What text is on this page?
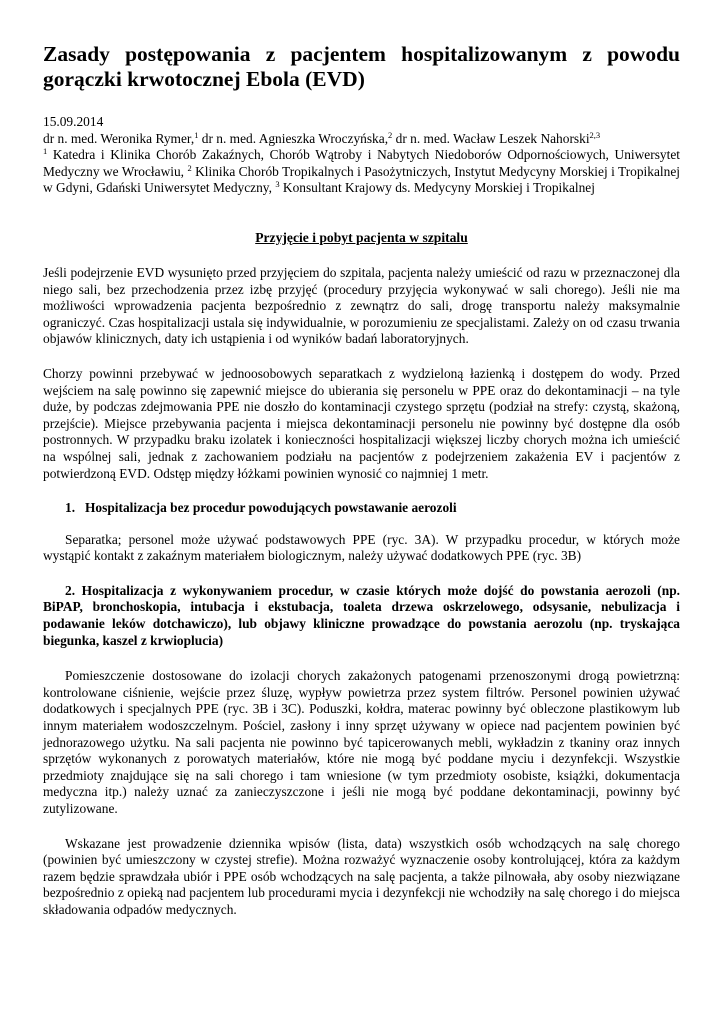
Zasady postępowania z pacjentem hospitalizowanym z powodu gorączki krwotocznej Ebola (EVD)

15.09.2014

dr n. med. Weronika Rymer,$^1$ dr n. med. Agnieszka Wroczyńska,$^2$ dr n. med. Wacław Leszek Nahorski$^{2,3}$

$^1$ Katedra i Klinika Chorób Zakaźnych, Chorób Wątroby i Nabytych Niedoborów Odpornościowych, Uniwersytet Medyczny we Wrocławiu, $^2$ Klinika Chorób Tropikalnych i Pasożytniczych, Instytut Medycyny Morskiej i Tropikalnej w Gdyni, Gdański Uniwersytet Medyczny, $^3$ Konsultant Krajowy ds. Medycyny Morskiej i Tropikalnej

Przyjęcie i pobyt pacjenta w szpitalu

Jeśli podejrzenie EVD wysunięto przed przyjęciem do szpitala, pacjenta należy umieścić od razu w przeznaczonej dla niego sali, bez przechodzenia przez izbę przyjęć (procedury przyjęcia wykonywać w sali chorego). Jeśli nie ma możliwości wprowadzenia pacjenta bezpośrednio z zewnątrz do sali, drogę transportu należy maksymalnie ograniczyć. Czas hospitalizacji ustala się indywidualnie, w porozumieniu ze specjalistami. Zależy on od czasu trwania objawów klinicznych, daty ich ustąpienia i od wyników badań laboratoryjnych.

Chorzy powinni przebywać w jednoosobowych separatkach z wydzieloną łazienką i dostępem do wody. Przed wejściem na salę powinno się zapewnić miejsce do ubierania się personelu w PPE oraz do dekontaminacji – na tyle duże, by podczas zdejmowania PPE nie doszło do kontaminacji czystego sprzętu (podział na strefy: czystą, skażoną, przejście). Miejsce przebywania pacjenta i miejsca dekontaminacji personelu nie powinny być dostępne dla osób postronnych. W przypadku braku izolatek i konieczności hospitalizacji większej liczby chorych można ich umieścić na wspólnej sali, jednak z zachowaniem podziału na pacjentów z podejrzeniem zakażenia EV i pacjentów z potwierdzoną EVD. Odstęp między łóżkami powinien wynosić co najmniej 1 metr.

1. Hospitalizacja bez procedur powodujących powstawanie aerozoli

Separatka; personel może używać podstawowych PPE (ryc. 3A). W przypadku procedur, w których może wystąpić kontakt z zakaźnym materiałem biologicznym, należy używać dodatkowych PPE (ryc. 3B)

2. Hospitalizacja z wykonywaniem procedur, w czasie których może dojść do powstania aerozoli (np. BiPAP, bronchoskopia, intubacja i ekstubacja, toaleta drzewa oskrzelowego, odsysanie, nebulizacja i podawanie leków dotchawiczo), lub objawy kliniczne prowadzące do powstania aerozolu (np. tryskająca biegunka, kaszel z krwioplucia)

Pomieszczenie dostosowane do izolacji chorych zakażonych patogenami przenoszonymi drogą powietrzną: kontrolowane ciśnienie, wejście przez śluzę, wypływ powietrza przez system filtrów. Personel powinien używać dodatkowych i specjalnych PPE (ryc. 3B i 3C). Poduszki, kołdra, materac powinny być obleczone plastikowym lub innym materiałem wodoszczelnym. Pościel, zasłony i inny sprzęt używany w opiece nad pacjentem powinien być jednorazowego użytku. Na sali pacjenta nie powinno być tapicerowanych mebli, wykładzin z tkaniny oraz innych sprzętów wykonanych z porowatych materiałów, które nie mogą być poddane myciu i dezynfekcji. Wszystkie przedmioty znajdujące się na sali chorego i tam wniesione (w tym przedmioty osobiste, książki, dokumentacja medyczna itp.) należy uznać za zanieczyszczone i jeśli nie mogą być poddane dekontaminacji, powinny być zutylizowane.

Wskazane jest prowadzenie dziennika wpisów (lista, data) wszystkich osób wchodzących na salę chorego (powinien być umieszczony w czystej strefie). Można rozważyć wyznaczenie osoby kontrolującej, która za każdym razem będzie sprawdzała ubiór i PPE osób wchodzących na salę pacjenta, a także pilnowała, aby osoby niezwiązane bezpośrednio z opieką nad pacjentem lub procedurami mycia i dezynfekcji nie wchodziły na salę chorego i do miejsca składowania odpadów medycznych.
